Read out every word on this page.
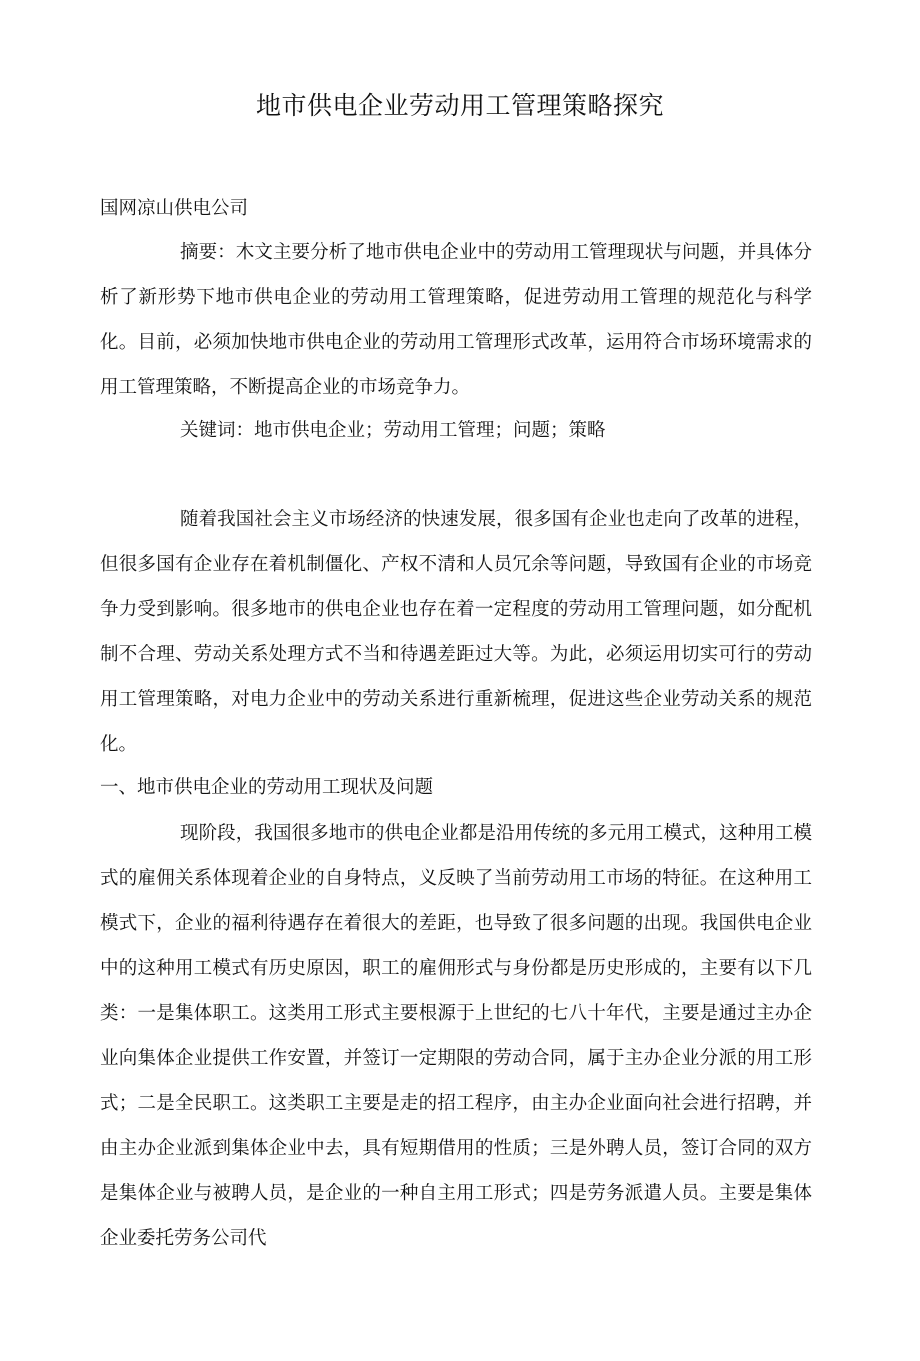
地市供电企业劳动用工管理策略探究
国网凉山供电公司
摘要：木文主要分析了地市供电企业中的劳动用工管理现状与问题，并具体分析了新形势下地市供电企业的劳动用工管理策略，促进劳动用工管理的规范化与科学化。目前，必须加快地市供电企业的劳动用工管理形式改革，运用符合市场环境需求的用工管理策略，不断提高企业的市场竞争力。
关键词：地市供电企业；劳动用工管理；问题；策略
随着我国社会主义市场经济的快速发展，很多国有企业也走向了改革的进程，但很多国有企业存在着机制僵化、产权不清和人员冗余等问题，导致国有企业的市场竞争力受到影响。很多地市的供电企业也存在着一定程度的劳动用工管理问题，如分配机制不合理、劳动关系处理方式不当和待遇差距过大等。为此，必须运用切实可行的劳动用工管理策略，对电力企业中的劳动关系进行重新梳理，促进这些企业劳动关系的规范化。
一、地市供电企业的劳动用工现状及问题
现阶段，我国很多地市的供电企业都是沿用传统的多元用工模式，这种用工模式的雇佣关系体现着企业的自身特点，义反映了当前劳动用工市场的特征。在这种用工模式下，企业的福利待遇存在着很大的差距，也导致了很多问题的出现。我国供电企业中的这种用工模式有历史原因，职工的雇佣形式与身份都是历史形成的，主要有以下几类：一是集体职工。这类用工形式主要根源于上世纪的七八十年代，主要是通过主办企业向集体企业提供工作安置，并签订一定期限的劳动合同，属于主办企业分派的用工形式；二是全民职工。这类职工主要是走的招工程序，由主办企业面向社会进行招聘，并由主办企业派到集体企业中去，具有短期借用的性质；三是外聘人员，签订合同的双方是集体企业与被聘人员，是企业的一种自主用工形式；四是劳务派遣人员。主要是集体企业委托劳务公司代
